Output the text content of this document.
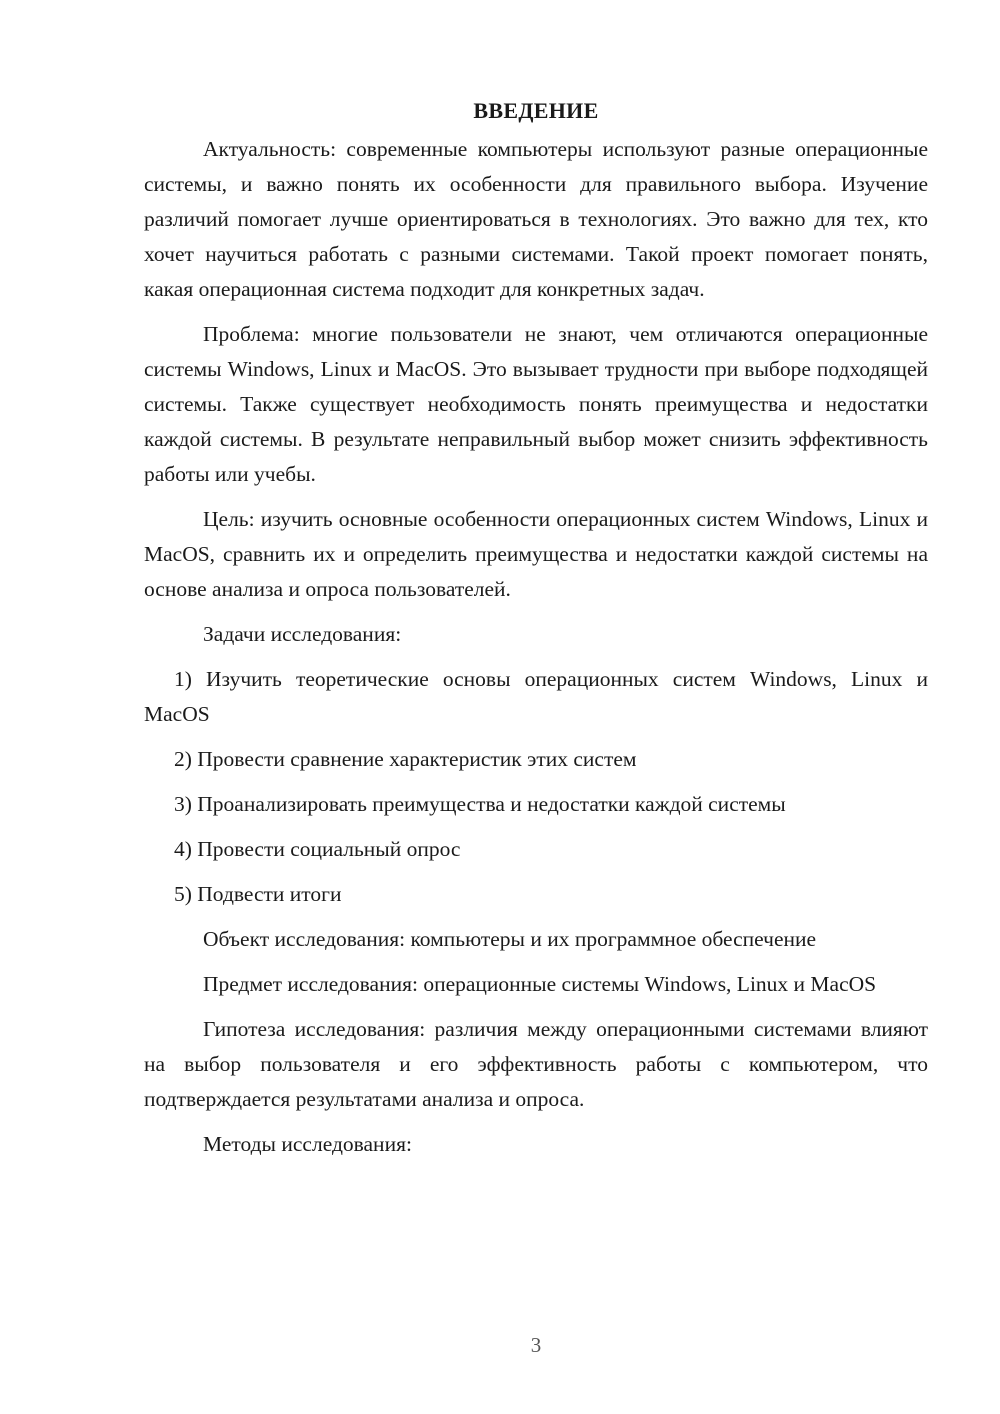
ВВЕДЕНИЕ

Актуальность: современные компьютеры используют разные операционные системы, и важно понять их особенности для правильного выбора. Изучение различий помогает лучше ориентироваться в технологиях. Это важно для тех, кто хочет научиться работать с разными системами. Такой проект помогает понять, какая операционная система подходит для конкретных задач.

Проблема: многие пользователи не знают, чем отличаются операционные системы Windows, Linux и MacOS. Это вызывает трудности при выборе подходящей системы. Также существует необходимость понять преимущества и недостатки каждой системы. В результате неправильный выбор может снизить эффективность работы или учебы.

Цель: изучить основные особенности операционных систем Windows, Linux и MacOS, сравнить их и определить преимущества и недостатки каждой системы на основе анализа и опроса пользователей.

Задачи исследования:

1) Изучить теоретические основы операционных систем Windows, Linux и MacOS

2) Провести сравнение характеристик этих систем

3) Проанализировать преимущества и недостатки каждой системы

4) Провести социальный опрос

5) Подвести итоги

Объект исследования: компьютеры и их программное обеспечение

Предмет исследования: операционные системы Windows, Linux и MacOS

Гипотеза исследования: различия между операционными системами влияют на выбор пользователя и его эффективность работы с компьютером, что подтверждается результатами анализа и опроса.

Методы исследования:

3
